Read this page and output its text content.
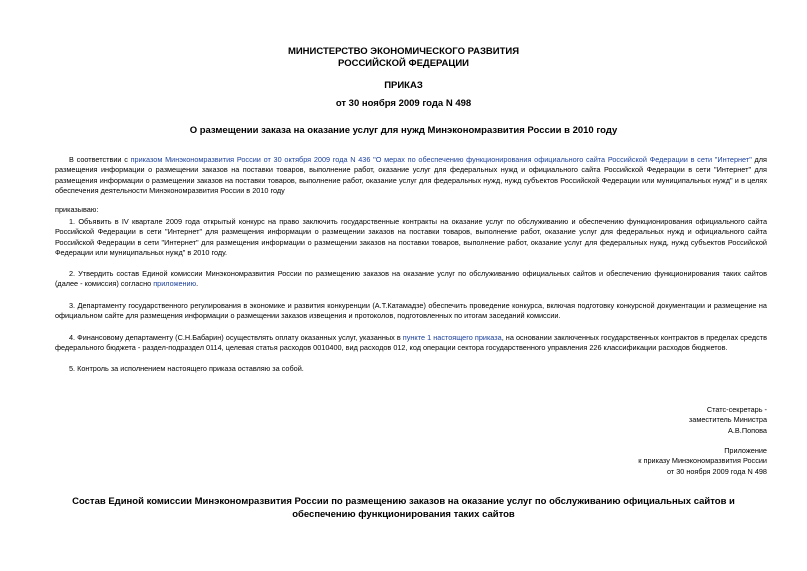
МИНИСТЕРСТВО ЭКОНОМИЧЕСКОГО РАЗВИТИЯ
РОССИЙСКОЙ ФЕДЕРАЦИИ
ПРИКАЗ
от 30 ноября 2009 года N 498
О размещении заказа на оказание услуг для нужд Минэкономразвития России в 2010 году
В соответствии с приказом Минэкономразвития России от 30 октября 2009 года N 436 "О мерах по обеспечению функционирования официального сайта Российской Федерации в сети "Интернет" для размещения информации о размещении заказов на поставки товаров, выполнение работ, оказание услуг для федеральных нужд и официального сайта Российской Федерации в сети "Интернет" для размещения информации о размещении заказов на поставки товаров, выполнение работ, оказание услуг для федеральных нужд, нужд субъектов Российской Федерации или муниципальных нужд" и в целях обеспечения деятельности Минэкономразвития России в 2010 году
приказываю:
1. Объявить в IV квартале 2009 года открытый конкурс на право заключить государственные контракты на оказание услуг по обслуживанию и обеспечению функционирования официального сайта Российской Федерации в сети "Интернет" для размещения информации о размещении заказов на поставки товаров, выполнение работ, оказание услуг для федеральных нужд и официального сайта Российской Федерации в сети "Интернет" для размещения информации о размещении заказов на поставки товаров, выполнение работ, оказание услуг для федеральных нужд, нужд субъектов Российской Федерации или муниципальных нужд" в 2010 году.
2. Утвердить состав Единой комиссии Минэкономразвития России по размещению заказов на оказание услуг по обслуживанию официальных сайтов и обеспечению функционирования таких сайтов (далее - комиссия) согласно приложению.
3. Департаменту государственного регулирования в экономике и развития конкуренции (А.Т.Катамадзе) обеспечить проведение конкурса, включая подготовку конкурсной документации и размещение на официальном сайте для размещения информации о размещении заказов извещения и протоколов, подготовленных по итогам заседаний комиссии.
4. Финансовому департаменту (С.Н.Бабарин) осуществлять оплату оказанных услуг, указанных в пункте 1 настоящего приказа, на основании заключенных государственных контрактов в пределах средств федерального бюджета - раздел-подраздел 0114, целевая статья расходов 0010400, вид расходов 012, код операции сектора государственного управления 226 классификации расходов бюджетов.
5. Контроль за исполнением настоящего приказа оставляю за собой.
Статс-секретарь -
заместитель Министра
А.В.Попова
Приложение
к приказу Минэкономразвития России
от 30 ноября 2009 года N 498
Состав Единой комиссии Минэкономразвития России по размещению заказов на оказание услуг по обслуживанию официальных сайтов и обеспечению функционирования таких сайтов
